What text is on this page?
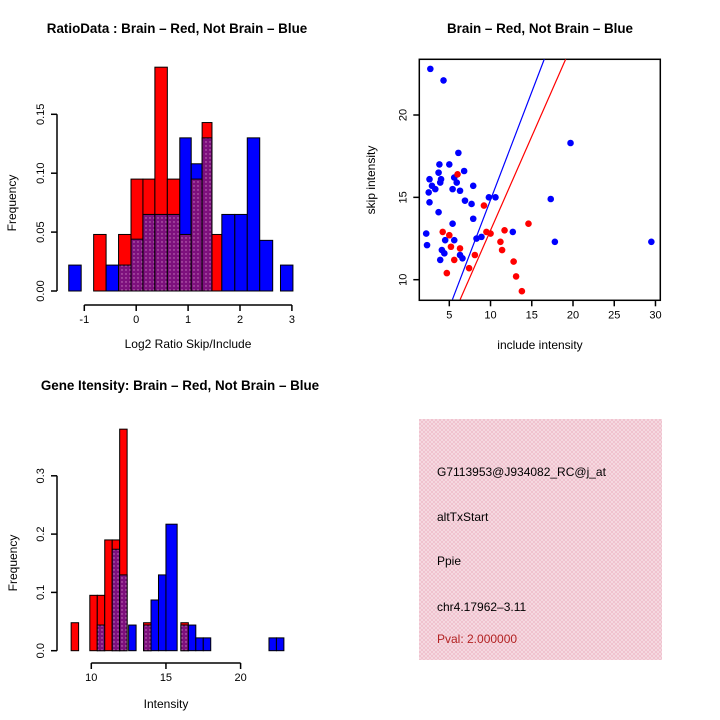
RatioData : Brain – Red, Not Brain – Blue
0.00
0.05
0.10
0.15
-1	0	1	2	3
Log2 Ratio Skip/Include
Frequency
Brain – Red, Not Brain – Blue
5	10	15	20	25	30
10
15
20
include intensity
skip intensity
Gene Itensity: Brain – Red, Not Brain – Blue
0.0
0.1
0.2
0.3
10	15	20
Intensity
Frequency
G7113953@J934082_RC@j_at
altTxStart
Ppie
chr4.17962–3.11
Pval: 2.000000
